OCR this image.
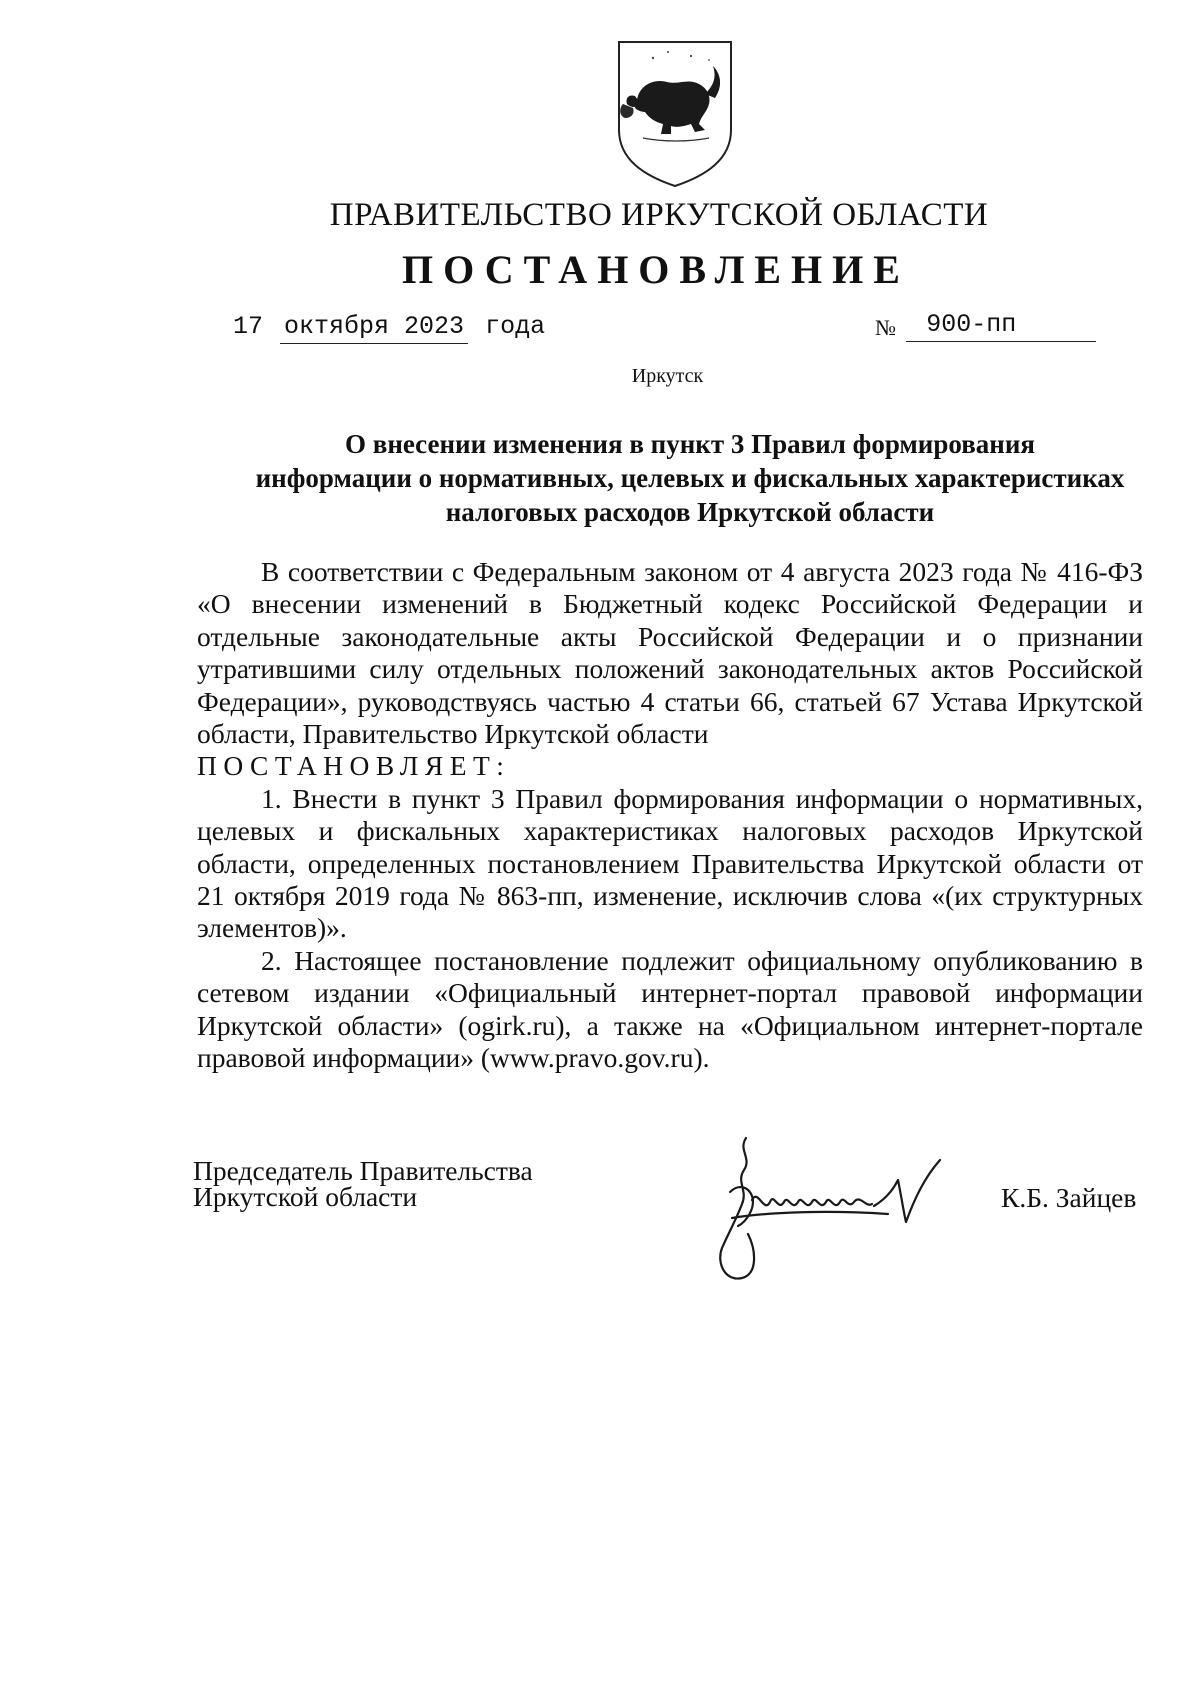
ПРАВИТЕЛЬСТВО ИРКУТСКОЙ ОБЛАСТИ
ПОСТАНОВЛЕНИЕ
17 октября 2023 года	№ 900-пп
Иркутск
О внесении изменения в пункт 3 Правил формирования
информации о нормативных, целевых и фискальных характеристиках
налоговых расходов Иркутской области

В соответствии с Федеральным законом от 4 августа 2023 года № 416-ФЗ «О внесении изменений в Бюджетный кодекс Российской Федерации и отдельные законодательные акты Российской Федерации и о признании утратившими силу отдельных положений законодательных актов Российской Федерации», руководствуясь частью 4 статьи 66, статьей 67 Устава Иркутской области, Правительство Иркутской области

ПОСТАНОВЛЯЕТ:

1. Внести в пункт 3 Правил формирования информации о нормативных, целевых и фискальных характеристиках налоговых расходов Иркутской области, определенных постановлением Правительства Иркутской области от 21 октября 2019 года № 863-пп, изменение, исключив слова «(их структурных элементов)».

2. Настоящее постановление подлежит официальному опубликованию в сетевом издании «Официальный интернет-портал правовой информации Иркутской области» (ogirk.ru), а также на «Официальном интернет-портале правовой информации» (www.pravo.gov.ru).

Председатель Правительства
Иркутской области	К.Б. Зайцев
